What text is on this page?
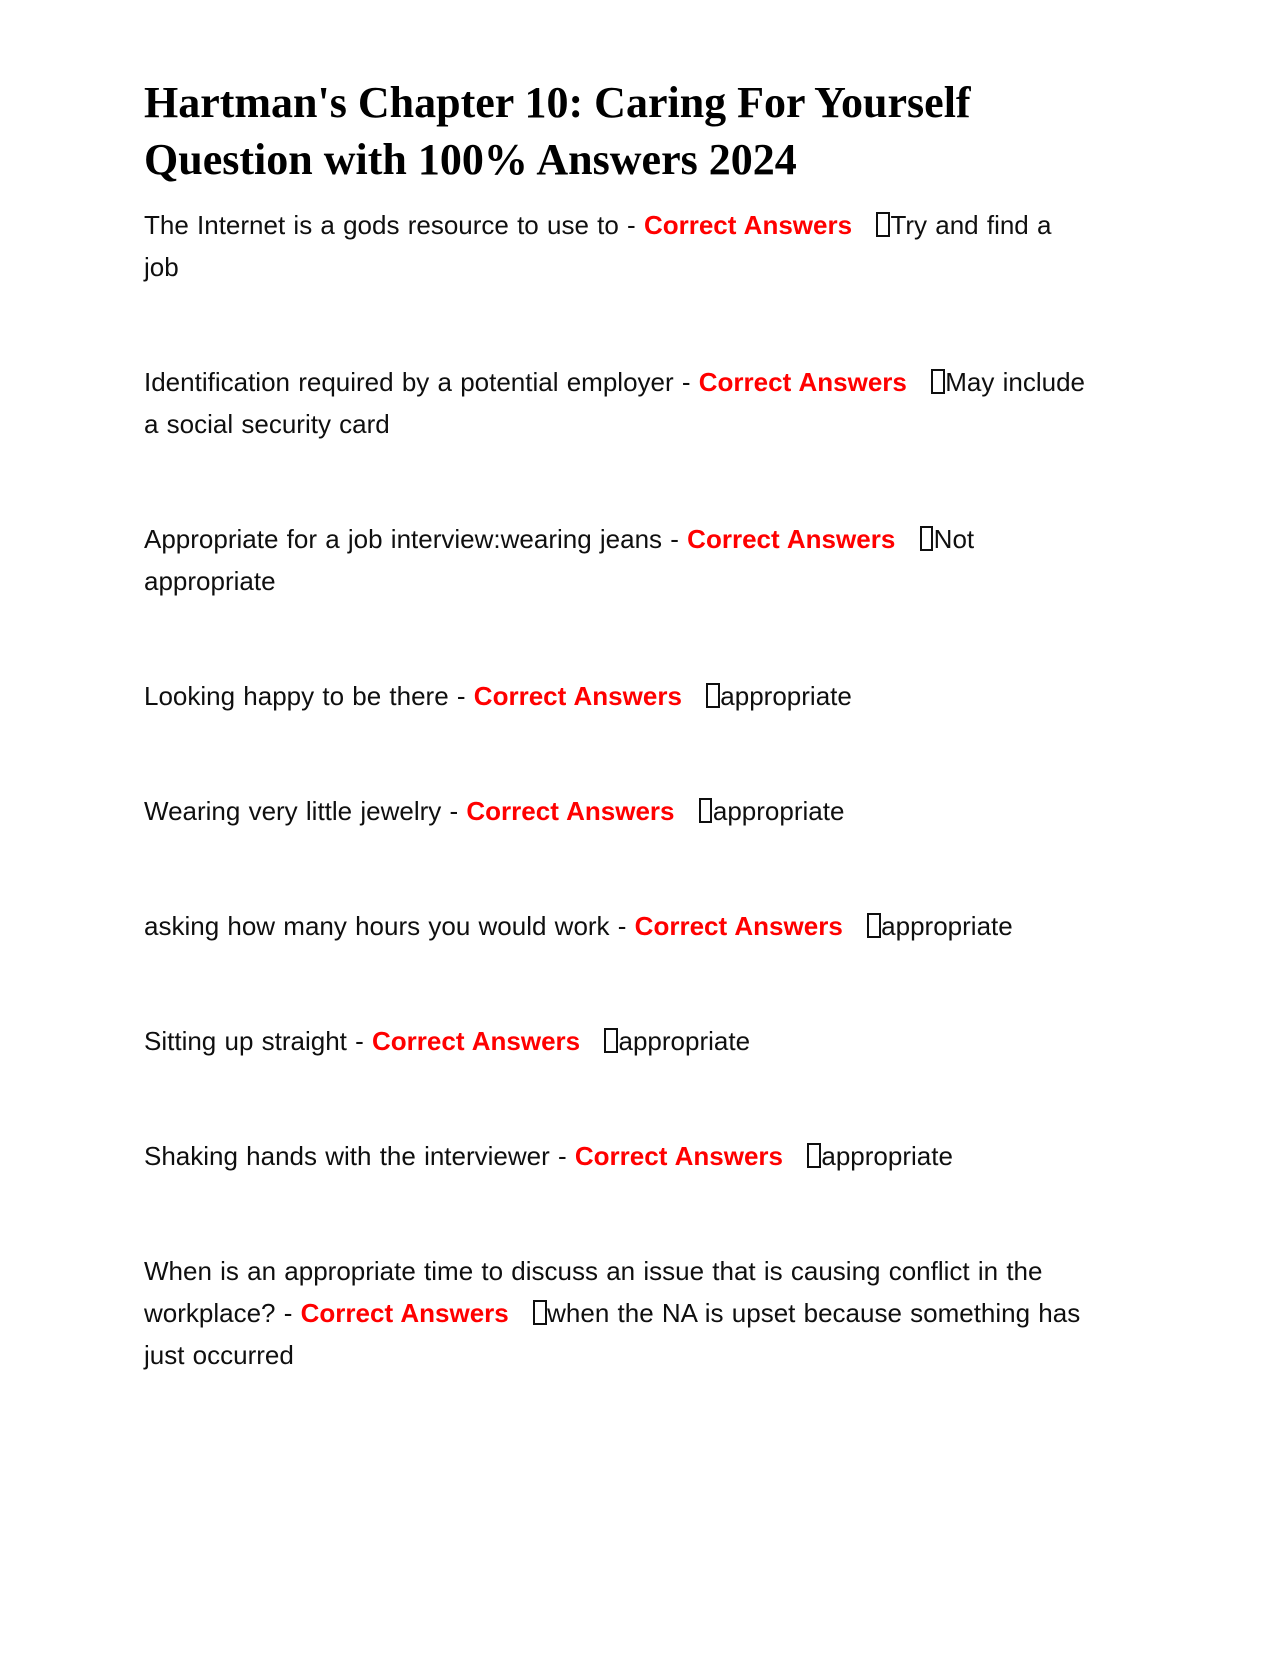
Hartman's Chapter 10: Caring For Yourself Question with 100% Answers 2024

The Internet is a gods resource to use to - Correct Answers Try and find a job

Identification required by a potential employer - Correct Answers May include a social security card

Appropriate for a job interview:wearing jeans - Correct Answers Not appropriate

Looking happy to be there - Correct Answers appropriate

Wearing very little jewelry - Correct Answers appropriate

asking how many hours you would work - Correct Answers appropriate

Sitting up straight - Correct Answers appropriate

Shaking hands with the interviewer - Correct Answers appropriate

When is an appropriate time to discuss an issue that is causing conflict in the workplace? - Correct Answers when the NA is upset because something has just occurred
